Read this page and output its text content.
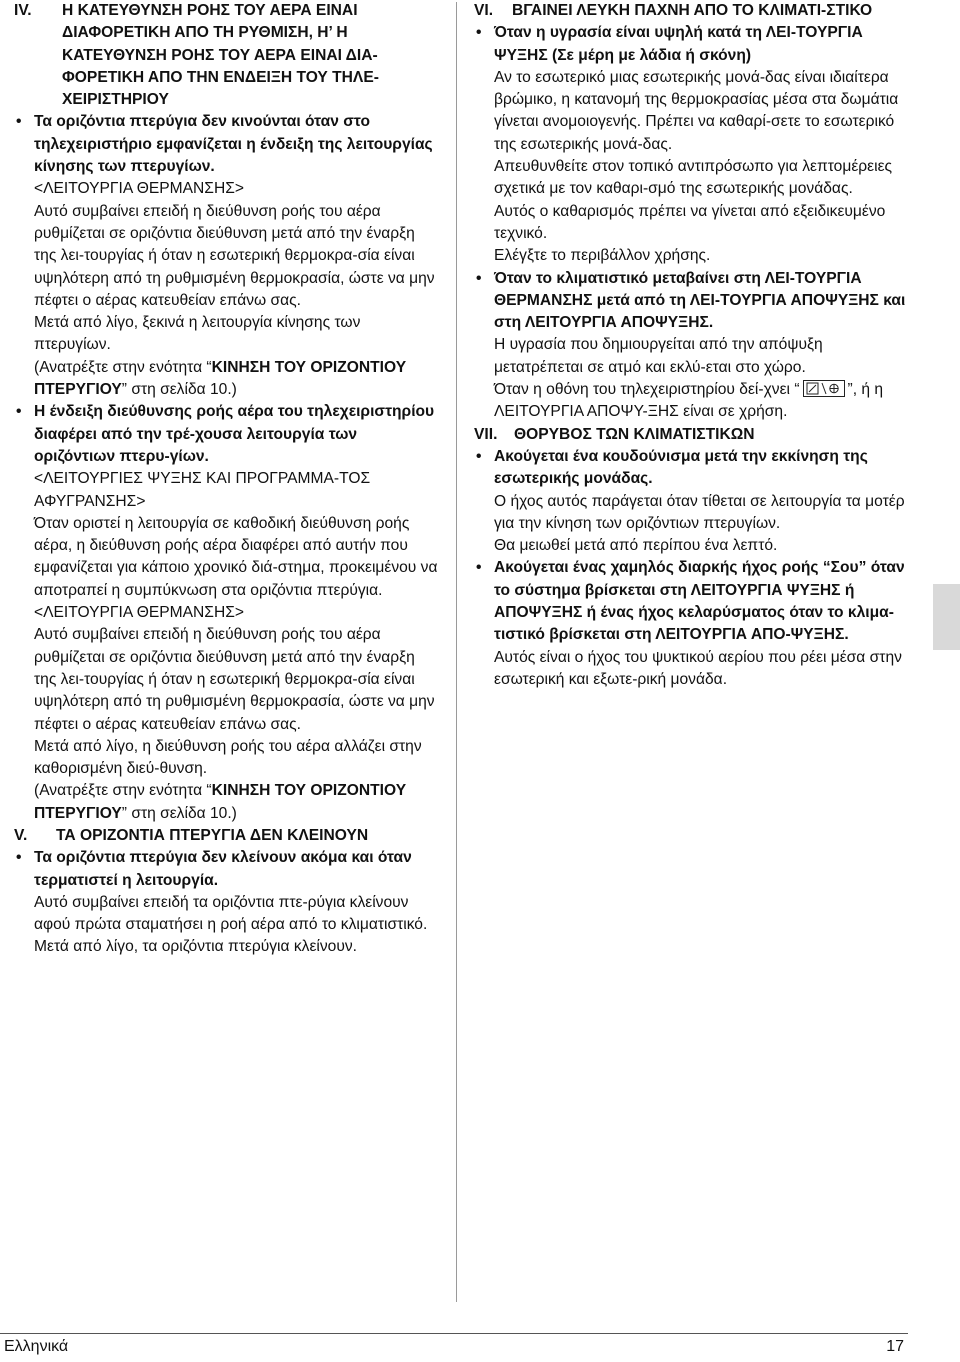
IV.	Η ΚΑΤΕΥΘΥΝΣΗ ΡΟΗΣ ΤΟΥ ΑΕΡΑ ΕΙΝΑΙ ΔΙΑΦΟΡΕΤΙΚΗ ΑΠΟ ΤΗ ΡΥΘΜΙΣΗ, Η’ Η ΚΑΤΕΥΘΥΝΣΗ ΡΟΗΣ ΤΟΥ ΑΕΡΑ ΕΙΝΑΙ ΔΙΑ-ΦΟΡΕΤΙΚΗ ΑΠΟ ΤΗΝ ΕΝΔΕΙΞΗ ΤΟΥ ΤΗΛΕ-ΧΕΙΡΙΣΤΗΡΙΟΥ
• Τα οριζόντια πτερύγια δεν κινούνται όταν στο τηλεχειριστήριο εμφανίζεται η ένδειξη της λειτουργίας κίνησης των πτερυγίων.

<ΛΕΙΤΟΥΡΓΙΑ ΘΕΡΜΑΝΣΗΣ>

Αυτό συμβαίνει επειδή η διεύθυνση ροής του αέρα ρυθμίζεται σε οριζόντια διεύθυνση μετά από την έναρξη της λει-τουργίας ή όταν η εσωτερική θερμοκρα-σία είναι υψηλότερη από τη ρυθμισμένη θερμοκρασία, ώστε να μην πέφτει ο αέρας κατευθείαν επάνω σας.

Μετά από λίγο, ξεκινά η λειτουργία κίνησης των πτερυγίων.

(Ανατρέξτε στην ενότητα “ΚΙΝΗΣΗ ΤΟΥ ΟΡΙΖΟΝΤΙΟΥ ΠΤΕΡΥΓΙΟΥ” στη σελίδα 10.)

• Η ένδειξη διεύθυνσης ροής αέρα του τηλεχειριστηρίου διαφέρει από την τρέ-χουσα λειτουργία των οριζόντιων πτερυ-γίων.

<ΛΕΙΤΟΥΡΓΙΕΣ ΨΥΞΗΣ ΚΑΙ ΠΡΟΓΡΑΜΜΑ-ΤΟΣ ΑΦΥΓΡΑΝΣΗΣ>

Όταν οριστεί η λειτουργία σε καθοδική διεύθυνση ροής αέρα, η διεύθυνση ροής αέρα διαφέρει από αυτήν που εμφανίζεται για κάποιο χρονικό διά-στημα, προκειμένου να αποτραπεί η συμπύκνωση στα οριζόντια πτερύγια.

<ΛΕΙΤΟΥΡΓΙΑ ΘΕΡΜΑΝΣΗΣ>

Αυτό συμβαίνει επειδή η διεύθυνση ροής του αέρα ρυθμίζεται σε οριζόντια διεύθυνση μετά από την έναρξη της λει-τουργίας ή όταν η εσωτερική θερμοκρα-σία είναι υψηλότερη από τη ρυθμισμένη θερμοκρασία, ώστε να μην πέφτει ο αέρας κατευθείαν επάνω σας.

Μετά από λίγο, η διεύθυνση ροής του αέρα αλλάζει στην καθορισμένη διεύ-θυνση.

(Ανατρέξτε στην ενότητα “ΚΙΝΗΣΗ ΤΟΥ ΟΡΙΖΟΝΤΙΟΥ ΠΤΕΡΥΓΙΟΥ” στη σελίδα 10.)

V.	ΤΑ ΟΡΙΖΟΝΤΙΑ ΠΤΕΡΥΓΙΑ ΔΕΝ ΚΛΕΙΝΟΥΝ
• Τα οριζόντια πτερύγια δεν κλείνουν ακόμα και όταν τερματιστεί η λειτουργία.

Αυτό συμβαίνει επειδή τα οριζόντια πτε-ρύγια κλείνουν αφού πρώτα σταματήσει η ροή αέρα από το κλιματιστικό.

Μετά από λίγο, τα οριζόντια πτερύγια κλείνουν.

VI.	ΒΓΑΙΝΕΙ ΛΕΥΚΗ ΠΑΧΝΗ ΑΠΟ ΤΟ ΚΛΙΜΑΤΙ-ΣΤΙΚΟ
• Όταν η υγρασία είναι υψηλή κατά τη ΛΕΙ-ΤΟΥΡΓΙΑ ΨΥΞΗΣ (Σε μέρη με λάδια ή σκόνη)

Αν το εσωτερικό μιας εσωτερικής μονά-δας είναι ιδιαίτερα βρώμικο, η κατανομή της θερμοκρασίας μέσα στα δωμάτια γίνεται ανομοιογενής. Πρέπει να καθαρί-σετε το εσωτερικό της εσωτερικής μονά-δας.

Απευθυνθείτε στον τοπικό αντιπρόσωπο για λεπτομέρειες σχετικά με τον καθαρι-σμό της εσωτερικής μονάδας.

Αυτός ο καθαρισμός πρέπει να γίνεται από εξειδικευμένο τεχνικό.

Ελέγξτε το περιβάλλον χρήσης.

• Όταν το κλιματιστικό μεταβαίνει στη ΛΕΙ-ΤΟΥΡΓΙΑ ΘΕΡΜΑΝΣΗΣ μετά από τη ΛΕΙ-ΤΟΥΡΓΙΑ ΑΠΟΨΥΞΗΣ και στη ΛΕΙΤΟΥΡΓΙΑ ΑΠΟΨΥΞΗΣ.

Η υγρασία που δημιουργείται από την απόψυξη μετατρέπεται σε ατμό και εκλύ-εται στο χώρο.

Όταν η οθόνη του τηλεχειριστηρίου δεί-χνει “	”, ή η ΛΕΙΤΟΥΡΓΙΑ ΑΠΟΨΥ-ΞΗΣ είναι σε χρήση.

VII.	ΘΟΡΥΒΟΣ ΤΩΝ ΚΛΙΜΑΤΙΣΤΙΚΩΝ
• Ακούγεται ένα κουδούνισμα μετά την εκκίνηση της εσωτερικής μονάδας.

Ο ήχος αυτός παράγεται όταν τίθεται σε λειτουργία τα μοτέρ για την κίνηση των οριζόντιων πτερυγίων.

Θα μειωθεί μετά από περίπου ένα λεπτό.

• Ακούγεται ένας χαμηλός διαρκής ήχος ροής “Σου” όταν το σύστημα βρίσκεται στη ΛΕΙΤΟΥΡΓΙΑ ΨΥΞΗΣ ή ΑΠΟΨΥΞΗΣ ή ένας ήχος κελαρύσματος όταν το κλιμα-τιστικό βρίσκεται στη ΛΕΙΤΟΥΡΓΙΑ ΑΠΟ-ΨΥΞΗΣ.

Αυτός είναι ο ήχος του ψυκτικού αερίου που ρέει μέσα στην εσωτερική και εξωτε-ρική μονάδα.

Ελληνικά	17
